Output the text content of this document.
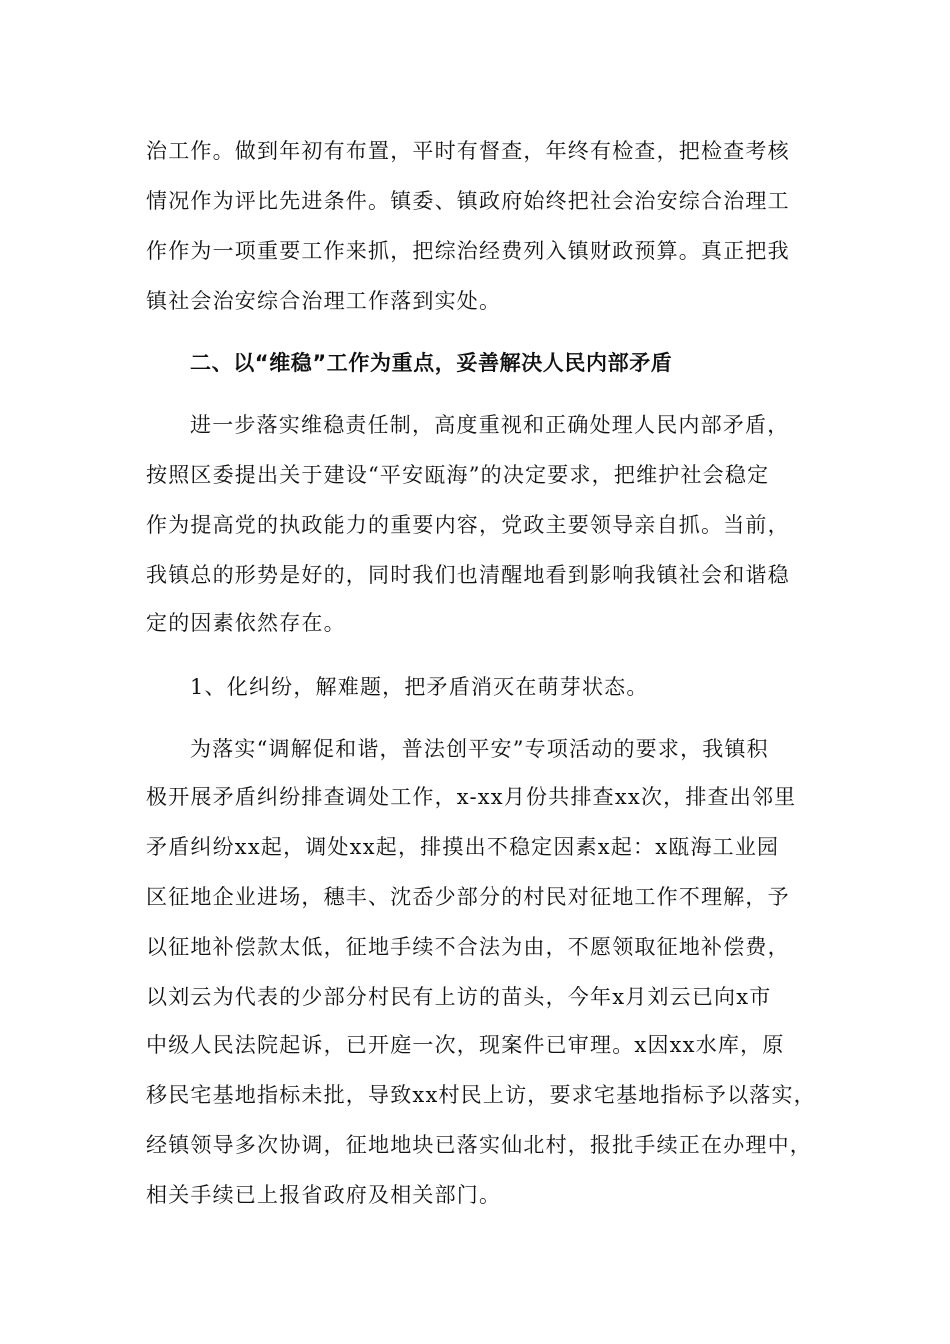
治工作。做到年初有布置，平时有督查，年终有检查，把检查考核
情况作为评比先进条件。镇委、镇政府始终把社会治安综合治理工
作作为一项重要工作来抓，把综治经费列入镇财政预算。真正把我
镇社会治安综合治理工作落到实处。
二、以“维稳”工作为重点，妥善解决人民内部矛盾
进一步落实维稳责任制，高度重视和正确处理人民内部矛盾，
按照区委提出关于建设“平安瓯海”的决定要求，把维护社会稳定
作为提高党的执政能力的重要内容，党政主要领导亲自抓。当前，
我镇总的形势是好的，同时我们也清醒地看到影响我镇社会和谐稳
定的因素依然存在。
1、化纠纷，解难题，把矛盾消灭在萌芽状态。
为落实“调解促和谐，普法创平安”专项活动的要求，我镇积
极开展矛盾纠纷排查调处工作，x-xx月份共排查xx次，排查出邻里
矛盾纠纷xx起，调处xx起，排摸出不稳定因素x起：x瓯海工业园
区征地企业进场，穗丰、沈岙少部分的村民对征地工作不理解，予
以征地补偿款太低，征地手续不合法为由，不愿领取征地补偿费，
以刘云为代表的少部分村民有上访的苗头，今年x月刘云已向x市
中级人民法院起诉，已开庭一次，现案件已审理。x因xx水库，原
移民宅基地指标未批，导致xx村民上访，要求宅基地指标予以落实，
经镇领导多次协调，征地地块已落实仙北村，报批手续正在办理中，
相关手续已上报省政府及相关部门。
